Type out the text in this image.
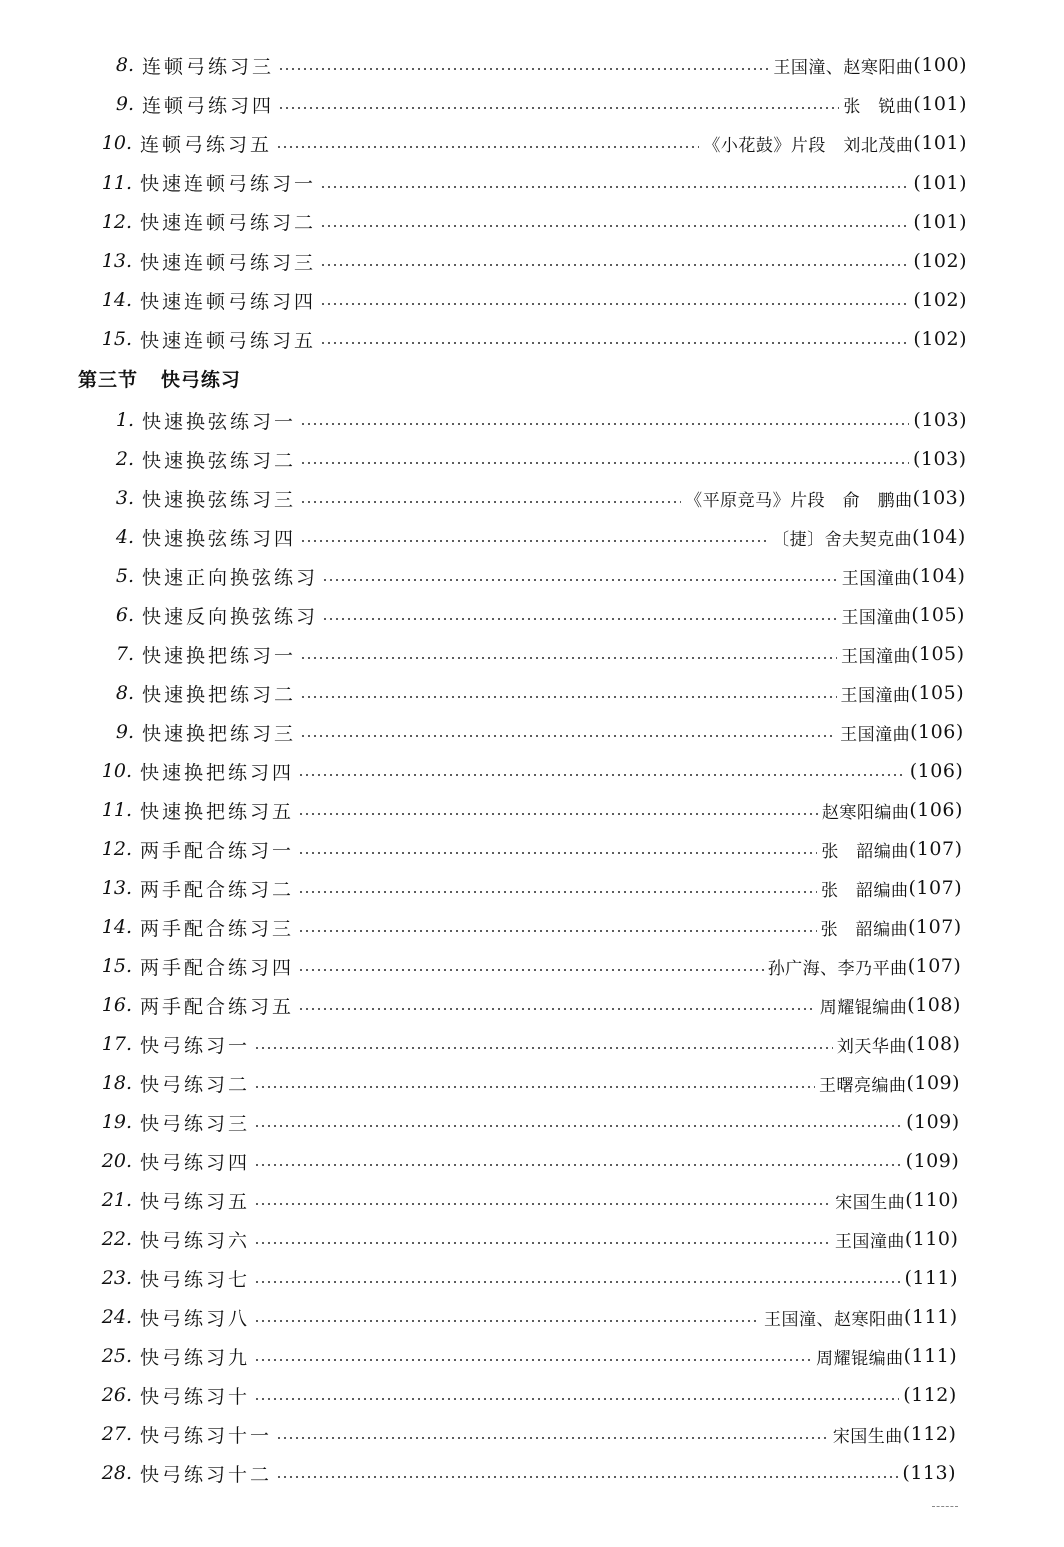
8. 连顿弓练习三	王国潼、赵寒阳曲 (100)
9. 连顿弓练习四	张　锐曲 (101)
10. 连顿弓练习五	《小花鼓》片段　刘北茂曲 (101)
11. 快速连顿弓练习一	(101)
12. 快速连顿弓练习二	(101)
13. 快速连顿弓练习三	(102)
14. 快速连顿弓练习四	(102)
15. 快速连顿弓练习五	(102)
第三节   快弓练习
1. 快速换弦练习一	(103)
2. 快速换弦练习二	(103)
3. 快速换弦练习三	《平原竞马》片段　俞　鹏曲 (103)
4. 快速换弦练习四	〔捷〕舍夫契克曲 (104)
5. 快速正向换弦练习	王国潼曲 (104)
6. 快速反向换弦练习	王国潼曲 (105)
7. 快速换把练习一	王国潼曲 (105)
8. 快速换把练习二	王国潼曲 (105)
9. 快速换把练习三	王国潼曲 (106)
10. 快速换把练习四	(106)
11. 快速换把练习五	赵寒阳编曲 (106)
12. 两手配合练习一	张　韶编曲 (107)
13. 两手配合练习二	张　韶编曲 (107)
14. 两手配合练习三	张　韶编曲 (107)
15. 两手配合练习四	孙广海、李乃平曲 (107)
16. 两手配合练习五	周耀锟编曲 (108)
17. 快弓练习一	刘天华曲 (108)
18. 快弓练习二	王曙亮编曲 (109)
19. 快弓练习三	(109)
20. 快弓练习四	(109)
21. 快弓练习五	宋国生曲 (110)
22. 快弓练习六	王国潼曲 (110)
23. 快弓练习七	(111)
24. 快弓练习八	王国潼、赵寒阳曲 (111)
25. 快弓练习九	周耀锟编曲 (111)
26. 快弓练习十	(112)
27. 快弓练习十一	宋国生曲 (112)
28. 快弓练习十二	(113)
